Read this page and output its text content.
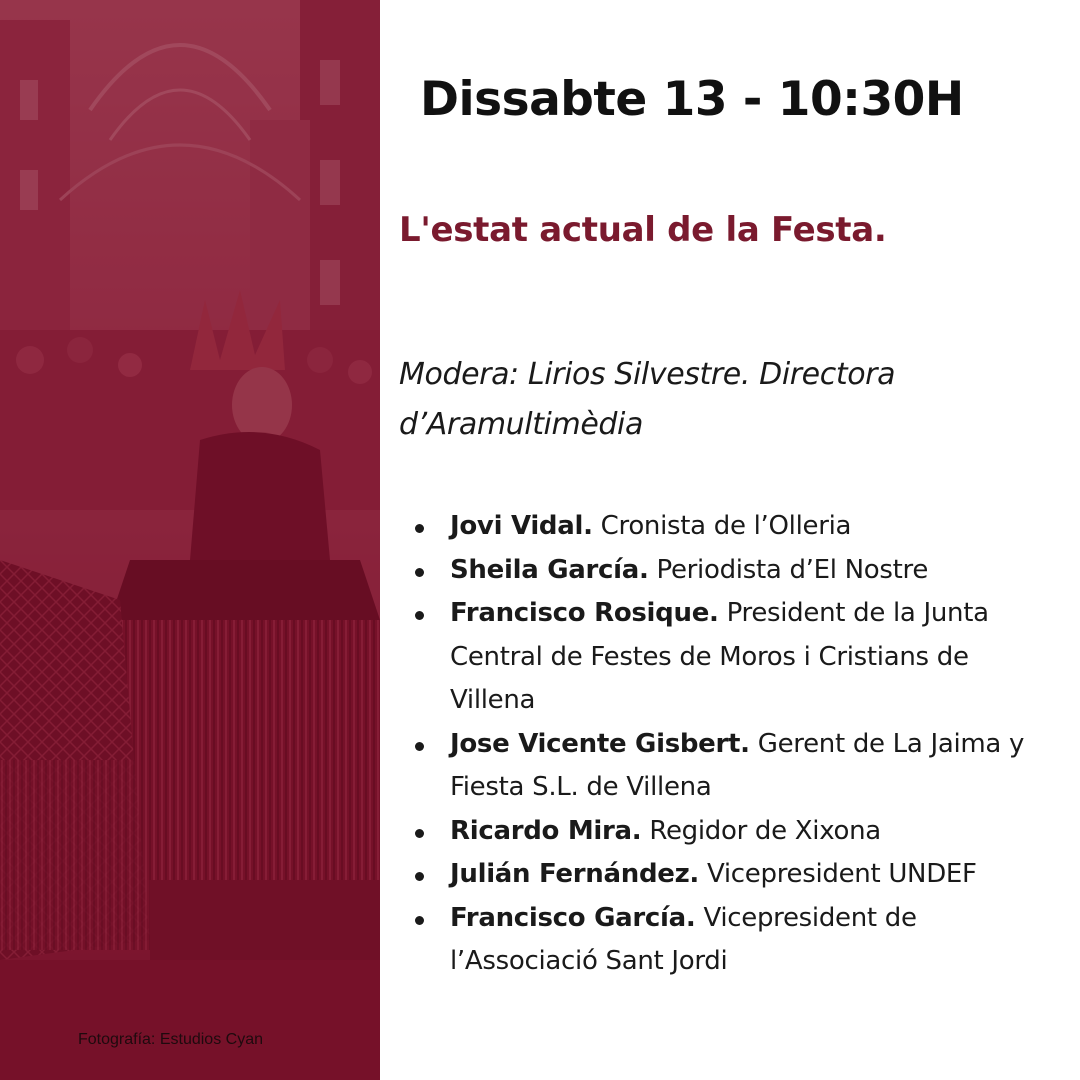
Fotografía: Estudios Cyan
Dissabte 13 - 10:30H
L'estat actual de la Festa.
Modera: Lirios Silvestre. Directora d’Aramultimèdia
Jovi Vidal. Cronista de l’Olleria
Sheila García. Periodista d’El Nostre
Francisco Rosique. President de la Junta Central de Festes de Moros i Cristians de Villena
Jose Vicente Gisbert. Gerent de La Jaima y Fiesta S.L. de Villena
Ricardo Mira. Regidor de Xixona
Julián Fernández. Vicepresident UNDEF
Francisco García. Vicepresident de l’Associació Sant Jordi
